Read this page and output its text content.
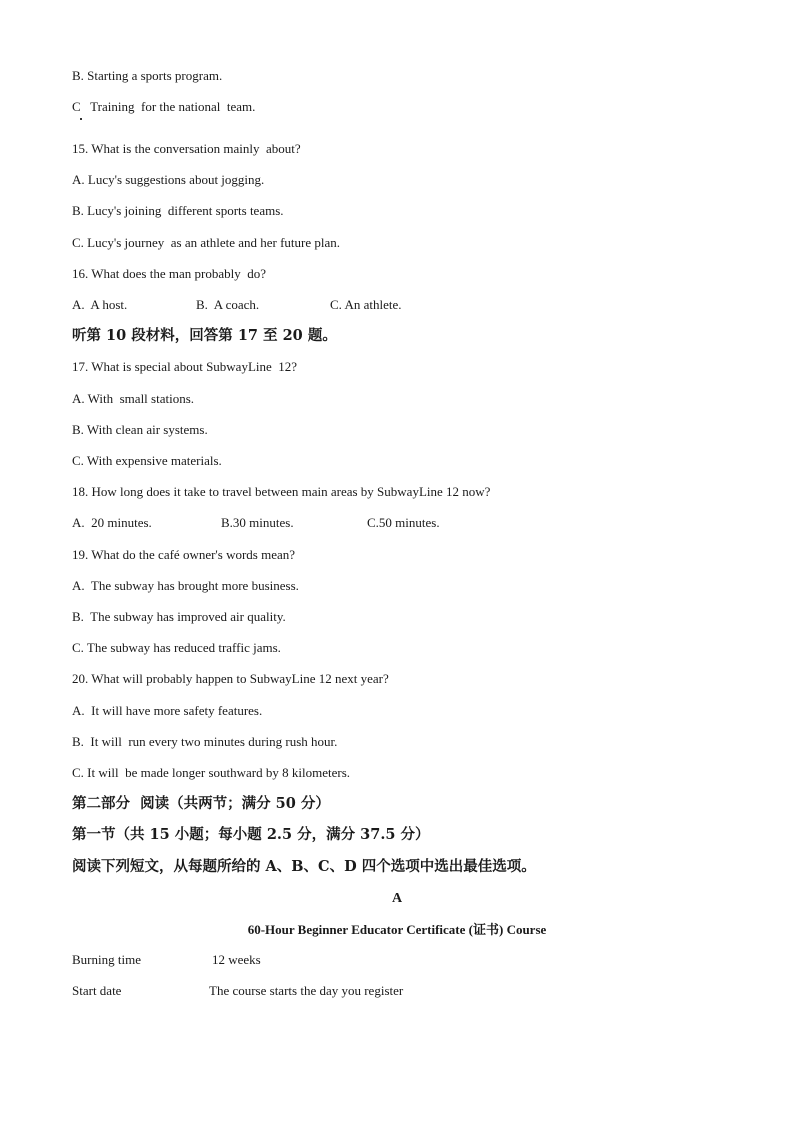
B. Starting a sports program.
C   Training  for the national  team.
15. What is the conversation mainly  about?
A. Lucy's suggestions about jogging.
B. Lucy's joining  different sports teams.
C. Lucy's journey  as an athlete and her future plan.
16. What does the man probably  do?
A.  A host.	B.  A coach.	C. An athlete.
听第 10 段材料，回答第 17 至 20 题。
17. What is special about SubwayLine  12?
A. With  small stations.
B. With clean air systems.
C. With expensive materials.
18. How long does it take to travel between main areas by SubwayLine 12 now?
A.  20 minutes.	B.30 minutes.	C.50 minutes.
19. What do the café owner's words mean?
A.  The subway has brought more business.
B.  The subway has improved air quality.
C. The subway has reduced traffic jams.
20. What will probably happen to SubwayLine 12 next year?
A.  It will have more safety features.
B.  It will  run every two minutes during rush hour.
C. It will  be made longer southward by 8 kilometers.
第二部分  阅读（共两节；满分 50 分）
第一节（共 15 小题；每小题 2.5 分，满分 37.5 分）
阅读下列短文，从每题所给的 A、B、C、D 四个选项中选出最佳选项。
A
60-Hour Beginner Educator Certificate (证书) Course
Burning time	12 weeks
Start date	The course starts the day you register
